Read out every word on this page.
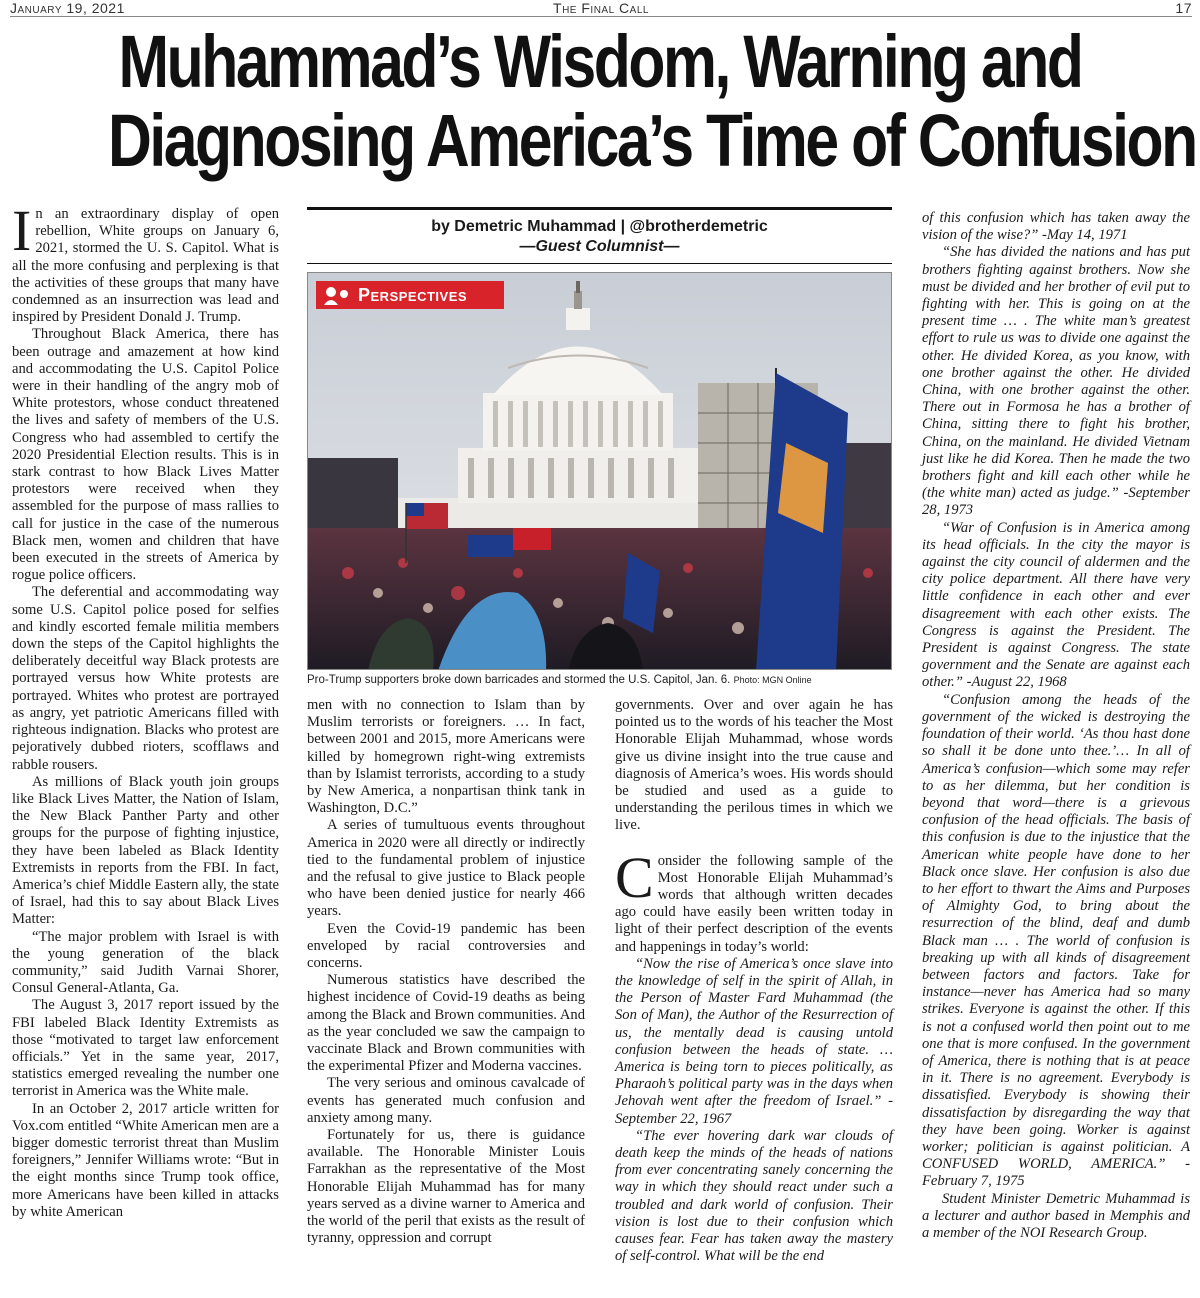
January 19, 2021	The Final Call	17
Muhammad’s Wisdom, Warning and
Diagnosing America’s Time of Confusion

In an extraordinary display of open rebellion, White groups on January 6, 2021, stormed the U. S. Capitol. What is all the more confusing and perplexing is that the activities of these groups that many have condemned as an insurrection was lead and inspired by President Donald J. Trump.

Throughout Black America, there has been outrage and amazement at how kind and accommodating the U.S. Capitol Police were in their handling of the angry mob of White protestors, whose conduct threatened the lives and safety of members of the U.S. Congress who had assembled to certify the 2020 Presidential Election results. This is in stark contrast to how Black Lives Matter protestors were received when they assembled for the purpose of mass rallies to call for justice in the case of the numerous Black men, women and children that have been executed in the streets of America by rogue police officers.

The deferential and accommodating way some U.S. Capitol police posed for selfies and kindly escorted female militia members down the steps of the Capitol highlights the deliberately deceitful way Black protests are portrayed versus how White protests are portrayed. Whites who protest are portrayed as angry, yet patriotic Americans filled with righteous indignation. Blacks who protest are pejoratively dubbed rioters, scofflaws and rabble rousers.

As millions of Black youth join groups like Black Lives Matter, the Nation of Islam, the New Black Panther Party and other groups for the purpose of fighting injustice, they have been labeled as Black Identity Extremists in reports from the FBI. In fact, America’s chief Middle Eastern ally, the state of Israel, had this to say about Black Lives Matter:

“The major problem with Israel is with the young generation of the black community,” said Judith Varnai Shorer, Consul General-Atlanta, Ga.

The August 3, 2017 report issued by the FBI labeled Black Identity Extremists as those “motivated to target law enforcement officials.” Yet in the same year, 2017, statistics emerged revealing the number one terrorist in America was the White male.

In an October 2, 2017 article written for Vox.com entitled “White American men are a bigger domestic terrorist threat than Muslim foreigners,” Jennifer Williams wrote: “But in the eight months since Trump took office, more Americans have been killed in attacks by white American

by Demetric Muhammad | @brotherdemetric
—Guest Columnist—
Perspectives
Pro-Trump supporters broke down barricades and stormed the U.S. Capitol, Jan. 6. Photo: MGN Online

men with no connection to Islam than by Muslim terrorists or foreigners. … In fact, between 2001 and 2015, more Americans were killed by homegrown right-wing extremists than by Islamist terrorists, according to a study by New America, a nonpartisan think tank in Washington, D.C.”

A series of tumultuous events throughout America in 2020 were all directly or indirectly tied to the fundamental problem of injustice and the refusal to give justice to Black people who have been denied justice for nearly 466 years.

Even the Covid-19 pandemic has been enveloped by racial controversies and concerns.

Numerous statistics have described the highest incidence of Covid-19 deaths as being among the Black and Brown communities. And as the year concluded we saw the campaign to vaccinate Black and Brown communities with the experimental Pfizer and Moderna vaccines.

The very serious and ominous cavalcade of events has generated much confusion and anxiety among many.

Fortunately for us, there is guidance available. The Honorable Minister Louis Farrakhan as the representative of the Most Honorable Elijah Muhammad has for many years served as a divine warner to America and the world of the peril that exists as the result of tyranny, oppression and corrupt

governments. Over and over again he has pointed us to the words of his teacher the Most Honorable Elijah Muhammad, whose words give us divine insight into the true cause and diagnosis of America’s woes. His words should be studied and used as a guide to understanding the perilous times in which we live.

Consider the following sample of the Most Honorable Elijah Muhammad’s words that although written decades ago could have easily been written today in light of their perfect description of the events and happenings in today’s world:

“Now the rise of America’s once slave into the knowledge of self in the spirit of Allah, in the Person of Master Fard Muhammad (the Son of Man), the Author of the Resurrection of us, the mentally dead is causing untold confusion between the heads of state. … America is being torn to pieces politically, as Pharaoh’s political party was in the days when Jehovah went after the freedom of Israel.” -September 22, 1967

“The ever hovering dark war clouds of death keep the minds of the heads of nations from ever concentrating sanely concerning the way in which they should react under such a troubled and dark world of confusion. Their vision is lost due to their confusion which causes fear. Fear has taken away the mastery of self-control. What will be the end

of this confusion which has taken away the vision of the wise?” -May 14, 1971

“She has divided the nations and has put brothers fighting against brothers. Now she must be divided and her brother of evil put to fighting with her. This is going on at the present time … . The white man’s greatest effort to rule us was to divide one against the other. He divided Korea, as you know, with one brother against the other. He divided China, with one brother against the other. There out in Formosa he has a brother of China, sitting there to fight his brother, China, on the mainland. He divided Vietnam just like he did Korea. Then he made the two brothers fight and kill each other while he (the white man) acted as judge.” -September 28, 1973

“War of Confusion is in America among its head officials. In the city the mayor is against the city council of aldermen and the city police department. All there have very little confidence in each other and ever disagreement with each other exists. The Congress is against the President. The President is against Congress. The state government and the Senate are against each other.” -August 22, 1968

“Confusion among the heads of the government of the wicked is destroying the foundation of their world. ‘As thou hast done so shall it be done unto thee.’… In all of America’s confusion—which some may refer to as her dilemma, but her condition is beyond that word—there is a grievous confusion of the head officials. The basis of this confusion is due to the injustice that the American white people have done to her Black once slave. Her confusion is also due to her effort to thwart the Aims and Purposes of Almighty God, to bring about the resurrection of the blind, deaf and dumb Black man … . The world of confusion is breaking up with all kinds of disagreement between factors and factors. Take for instance—never has America had so many strikes. Everyone is against the other. If this is not a confused world then point out to me one that is more confused. In the government of America, there is nothing that is at peace in it. There is no agreement. Everybody is dissatisfied. Everybody is showing their dissatisfaction by disregarding the way that they have been going. Worker is against worker; politician is against politician. A CONFUSED WORLD, AMERICA.” -February 7, 1975

Student Minister Demetric Muhammad is a lecturer and author based in Memphis and a member of the NOI Research Group.
